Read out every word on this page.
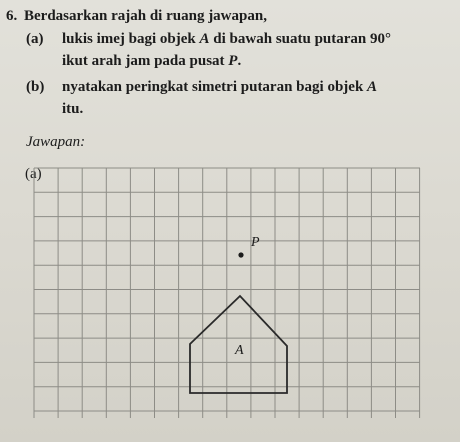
6. Berdasarkan rajah di ruang jawapan,
(a) lukis imej bagi objek A di bawah suatu putaran 90°
ikut arah jam pada pusat P.
(b) nyatakan peringkat simetri putaran bagi objek A
itu.
Jawapan:
(a)
P
A
